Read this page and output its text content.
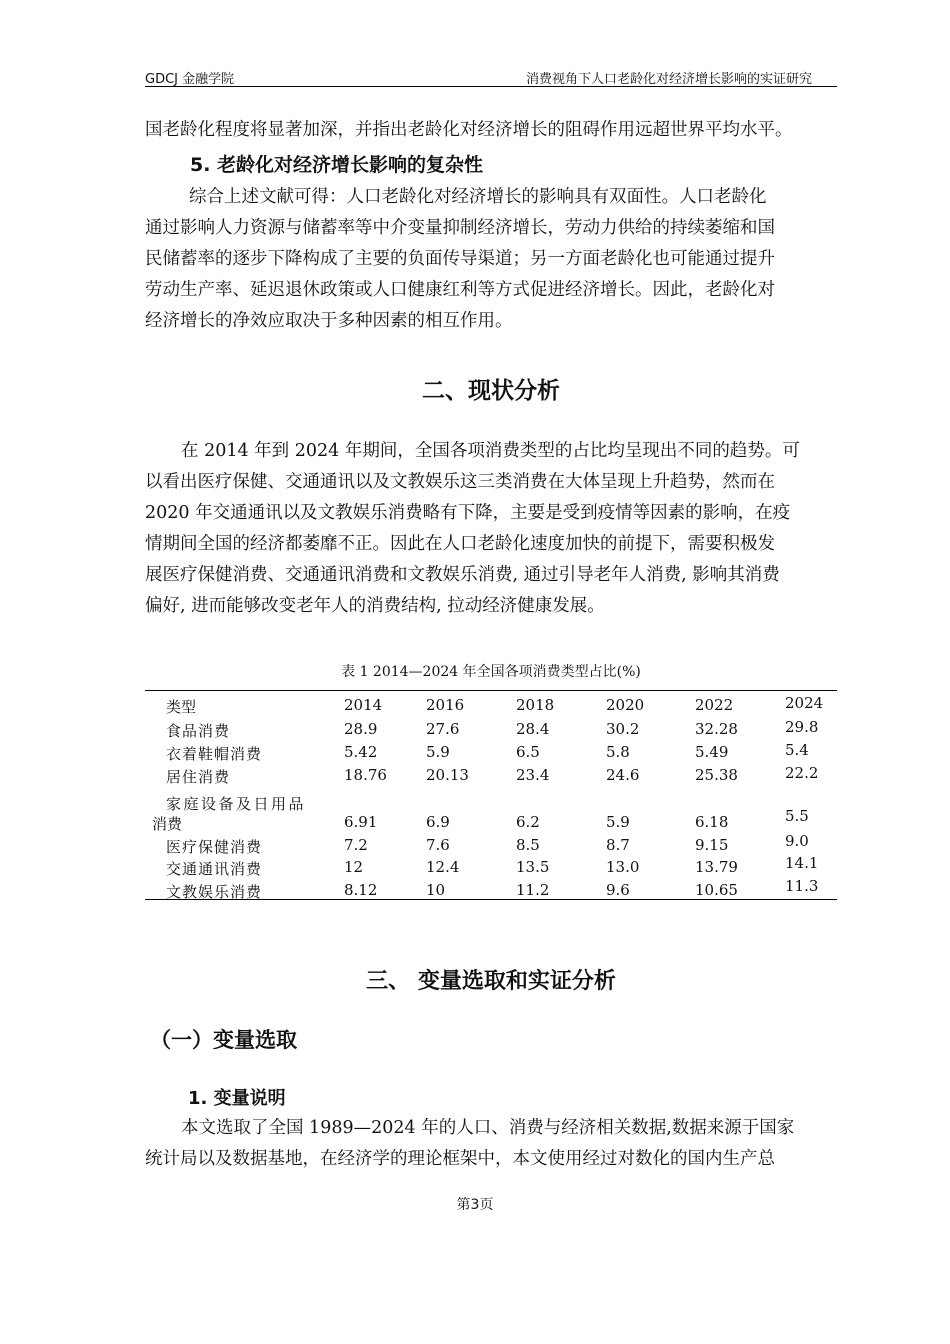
GDCJ 金融学院	消费视角下人口老龄化对经济增长影响的实证研究

国老龄化程度将显著加深，并指出老龄化对经济增长的阻碍作用远超世界平均水平。

5. 老龄化对经济增长影响的复杂性

综合上述文献可得：人口老龄化对经济增长的影响具有双面性。人口老龄化

通过影响人力资源与储蓄率等中介变量抑制经济增长，劳动力供给的持续萎缩和国

民储蓄率的逐步下降构成了主要的负面传导渠道；另一方面老龄化也可能通过提升

劳动生产率、延迟退休政策或人口健康红利等方式促进经济增长。因此，老龄化对

经济增长的净效应取决于多种因素的相互作用。

二、现状分析

在 2014 年到 2024 年期间，全国各项消费类型的占比均呈现出不同的趋势。可

以看出医疗保健、交通通讯以及文教娱乐这三类消费在大体呈现上升趋势，然而在

2020 年交通通讯以及文教娱乐消费略有下降，主要是受到疫情等因素的影响，在疫

情期间全国的经济都萎靡不正。因此在人口老龄化速度加快的前提下，需要积极发

展医疗保健消费、交通通讯消费和文教娱乐消费, 通过引导老年人消费, 影响其消费

偏好, 进而能够改变老年人的消费结构, 拉动经济健康发展。

表 1 2014—2024 年全国各项消费类型占比(%)

类型	2014	2016	2018	2020	2022	2024
食品消费	28.9	27.6	28.4	30.2	32.28	29.8
衣着鞋帽消费	5.42	5.9	6.5	5.8	5.49	5.4
居住消费	18.76	20.13	23.4	24.6	25.38	22.2
家庭设备及日用品
消费	6.91	6.9	6.2	5.9	6.18	5.5
医疗保健消费	7.2	7.6	8.5	8.7	9.15	9.0
交通通讯消费	12	12.4	13.5	13.0	13.79	14.1
文教娱乐消费	8.12	10	11.2	9.6	10.65	11.3
三、 变量选取和实证分析
（一）变量选取
1. 变量说明

本文选取了全国 1989—2024 年的人口、消费与经济相关数据,数据来源于国家

统计局以及数据基地，在经济学的理论框架中，本文使用经过对数化的国内生产总

第3页
